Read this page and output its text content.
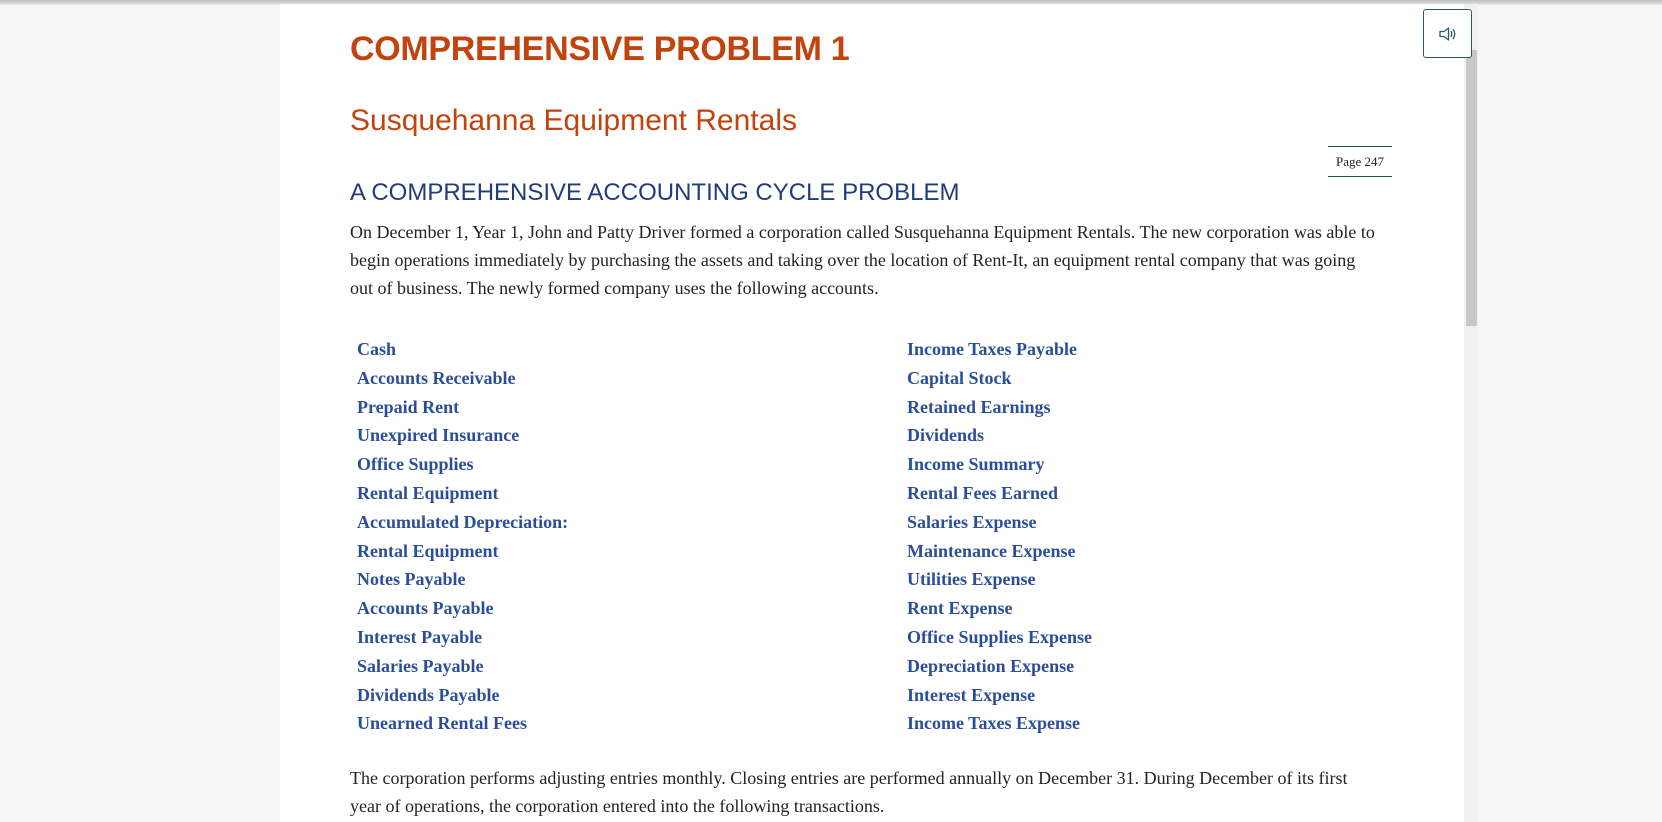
COMPREHENSIVE PROBLEM 1
Susquehanna Equipment Rentals
Page 247
A COMPREHENSIVE ACCOUNTING CYCLE PROBLEM

On December 1, Year 1, John and Patty Driver formed a corporation called Susquehanna Equipment Rentals. The new corporation was able to begin operations immediately by purchasing the assets and taking over the location of Rent-It, an equipment rental company that was going out of business. The newly formed company uses the following accounts.

Cash
Accounts Receivable
Prepaid Rent
Unexpired Insurance
Office Supplies
Rental Equipment
Accumulated Depreciation:
Rental Equipment
Notes Payable
Accounts Payable
Interest Payable
Salaries Payable
Dividends Payable
Unearned Rental Fees
Income Taxes Payable
Capital Stock
Retained Earnings
Dividends
Income Summary
Rental Fees Earned
Salaries Expense
Maintenance Expense
Utilities Expense
Rent Expense
Office Supplies Expense
Depreciation Expense
Interest Expense
Income Taxes Expense

The corporation performs adjusting entries monthly. Closing entries are performed annually on December 31. During December of its first year of operations, the corporation entered into the following transactions.
